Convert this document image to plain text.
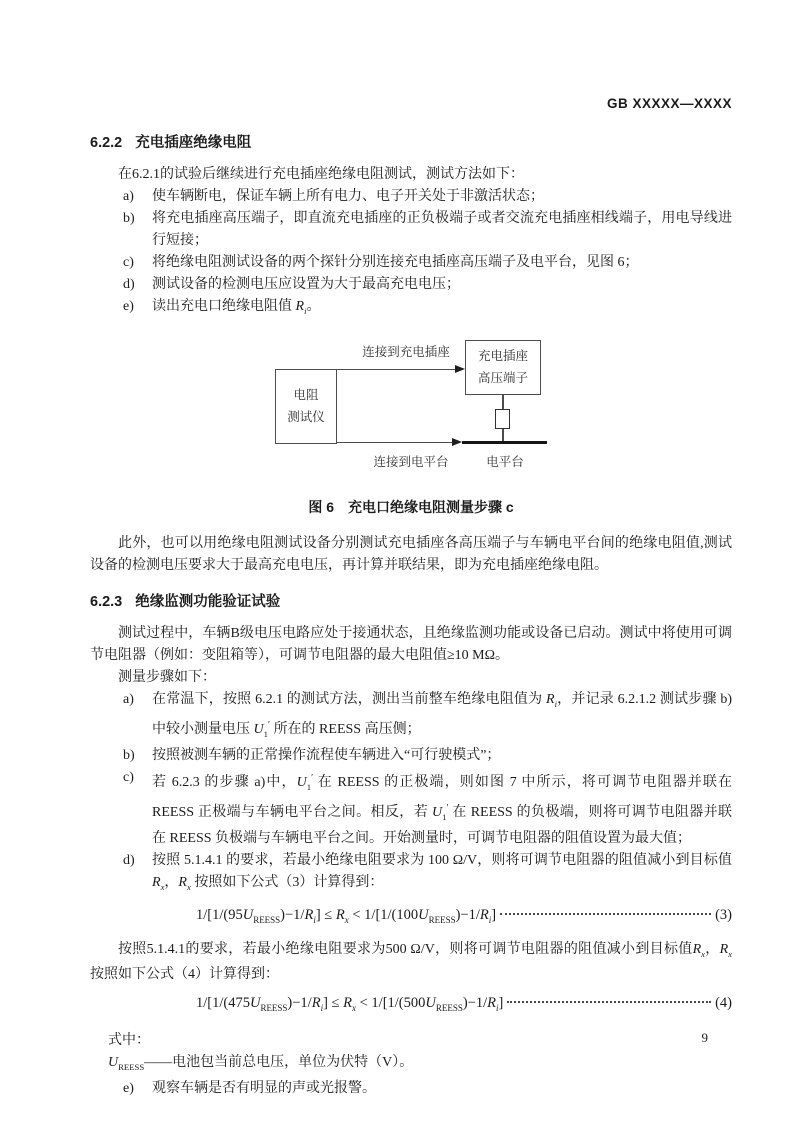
GB XXXXX—XXXX
6.2.2 充电插座绝缘电阻

在6.2.1的试验后继续进行充电插座绝缘电阻测试，测试方法如下：

a) 使车辆断电，保证车辆上所有电力、电子开关处于非激活状态；
b) 将充电插座高压端子，即直流充电插座的正负极端子或者交流充电插座相线端子，用电导线进行短接；
c) 将绝缘电阻测试设备的两个探针分别连接充电插座高压端子及电平台，见图 6；
d) 测试设备的检测电压应设置为大于最高充电电压；
e) 读出充电口绝缘电阻值 $R_i$。
连接到充电插座
电阻
测试仪
充电插座
高压端子
连接到电平台	电平台
图 6　充电口绝缘电阻测量步骤 c

此外，也可以用绝缘电阻测试设备分别测试充电插座各高压端子与车辆电平台间的绝缘电阻值,测试设备的检测电压要求大于最高充电电压，再计算并联结果，即为充电插座绝缘电阻。

6.2.3 绝缘监测功能验证试验

测试过程中，车辆B级电压电路应处于接通状态，且绝缘监测功能或设备已启动。测试中将使用可调节电阻器（例如：变阻箱等），可调节电阻器的最大电阻值≥10 MΩ。

测量步骤如下：

a) 在常温下，按照 6.2.1 的测试方法，测出当前整车绝缘电阻值为 $R_i$，并记录 6.2.1.2 测试步骤 b)中较小测量电压 $U_1'$ 所在的 REESS 高压侧；
b) 按照被测车辆的正常操作流程使车辆进入“可行驶模式”；
c) 若 6.2.3 的步骤 a)中，$U_1'$ 在 REESS 的正极端，则如图 7 中所示，将可调节电阻器并联在 REESS 正极端与车辆电平台之间。相反，若 $U_1'$ 在 REESS 的负极端，则将可调节电阻器并联在 REESS 负极端与车辆电平台之间。开始测量时，可调节电阻器的阻值设置为最大值；
d) 按照 5.1.4.1 的要求，若最小绝缘电阻要求为 100 Ω/V，则将可调节电阻器的阻值减小到目标值 $R_x$，$R_x$ 按照如下公式（3）计算得到：
$1/[1/(95U_{REESS})-1/R_i] \le R_x < 1/[1/(100U_{REESS})-1/R_i]$	(3)

按照5.1.4.1的要求，若最小绝缘电阻要求为500 Ω/V，则将可调节电阻器的阻值减小到目标值$R_x$，$R_x$按照如下公式（4）计算得到：

$1/[1/(475U_{REESS})-1/R_i] \le R_x < 1/[1/(500U_{REESS})-1/R_i]$	(4)
式中：
$U_{REESS}——$电池包当前总电压，单位为伏特（V）。
e) 观察车辆是否有明显的声或光报警。
9
